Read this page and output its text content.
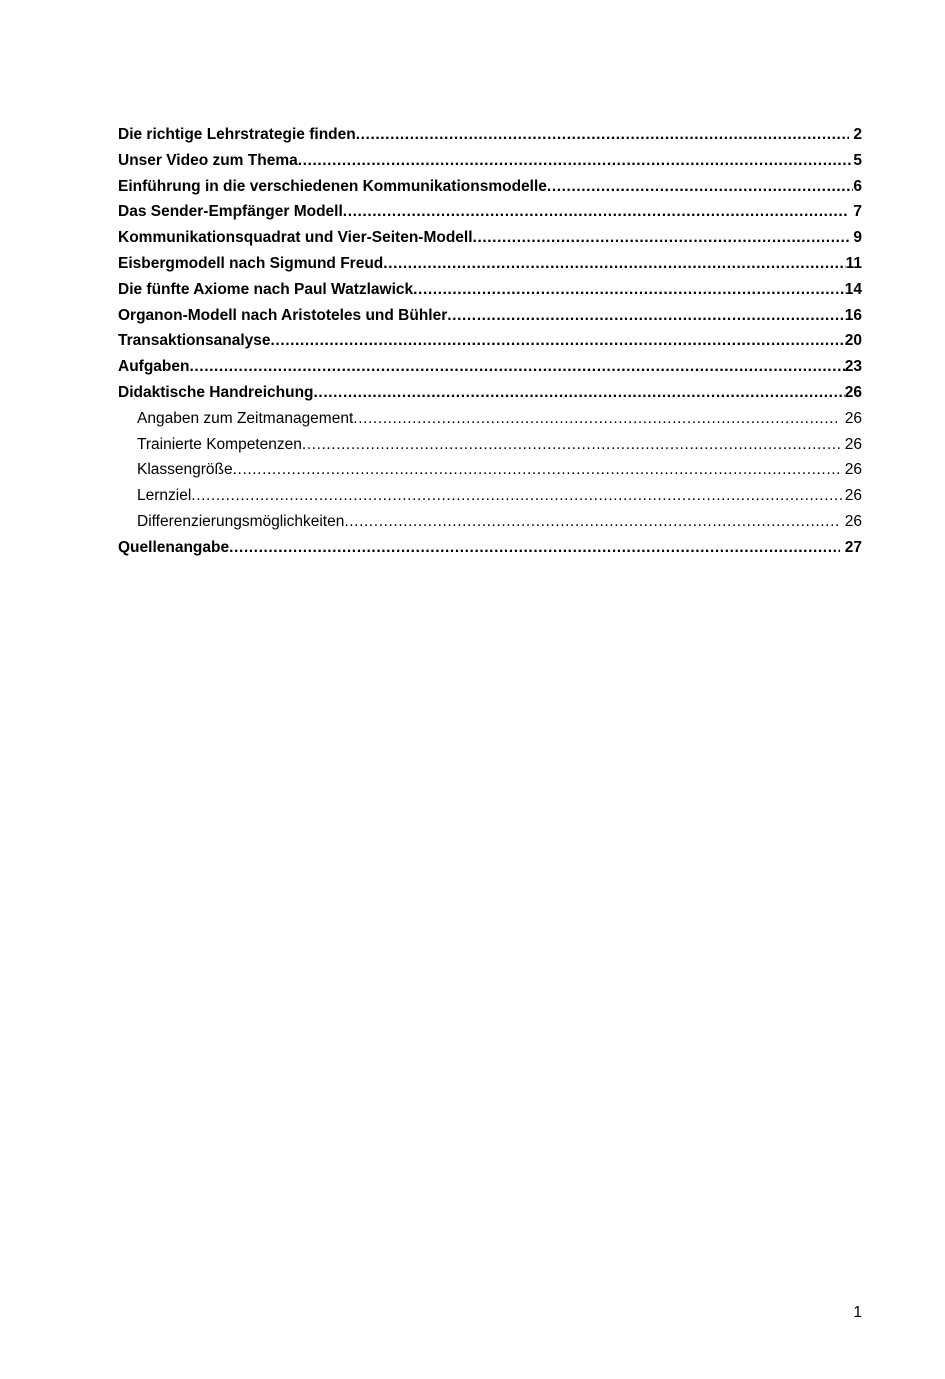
Die richtige Lehrstrategie finden .....	2
Unser Video zum Thema .....	5
Einführung in die verschiedenen Kommunikationsmodelle .....	6
Das Sender-Empfänger Modell .....	7
Kommunikationsquadrat und Vier-Seiten-Modell .....	9
Eisbergmodell nach Sigmund Freud .....	11
Die fünfte Axiome nach Paul Watzlawick .....	14
Organon-Modell nach Aristoteles und Bühler .....	16
Transaktionsanalyse .....	20
Aufgaben .....	23
Didaktische Handreichung .....	26
Angaben zum Zeitmanagement .....	26
Trainierte Kompetenzen .....	26
Klassengröße .....	26
Lernziel .....	26
Differenzierungsmöglichkeiten .....	26
Quellenangabe .....	27
1
